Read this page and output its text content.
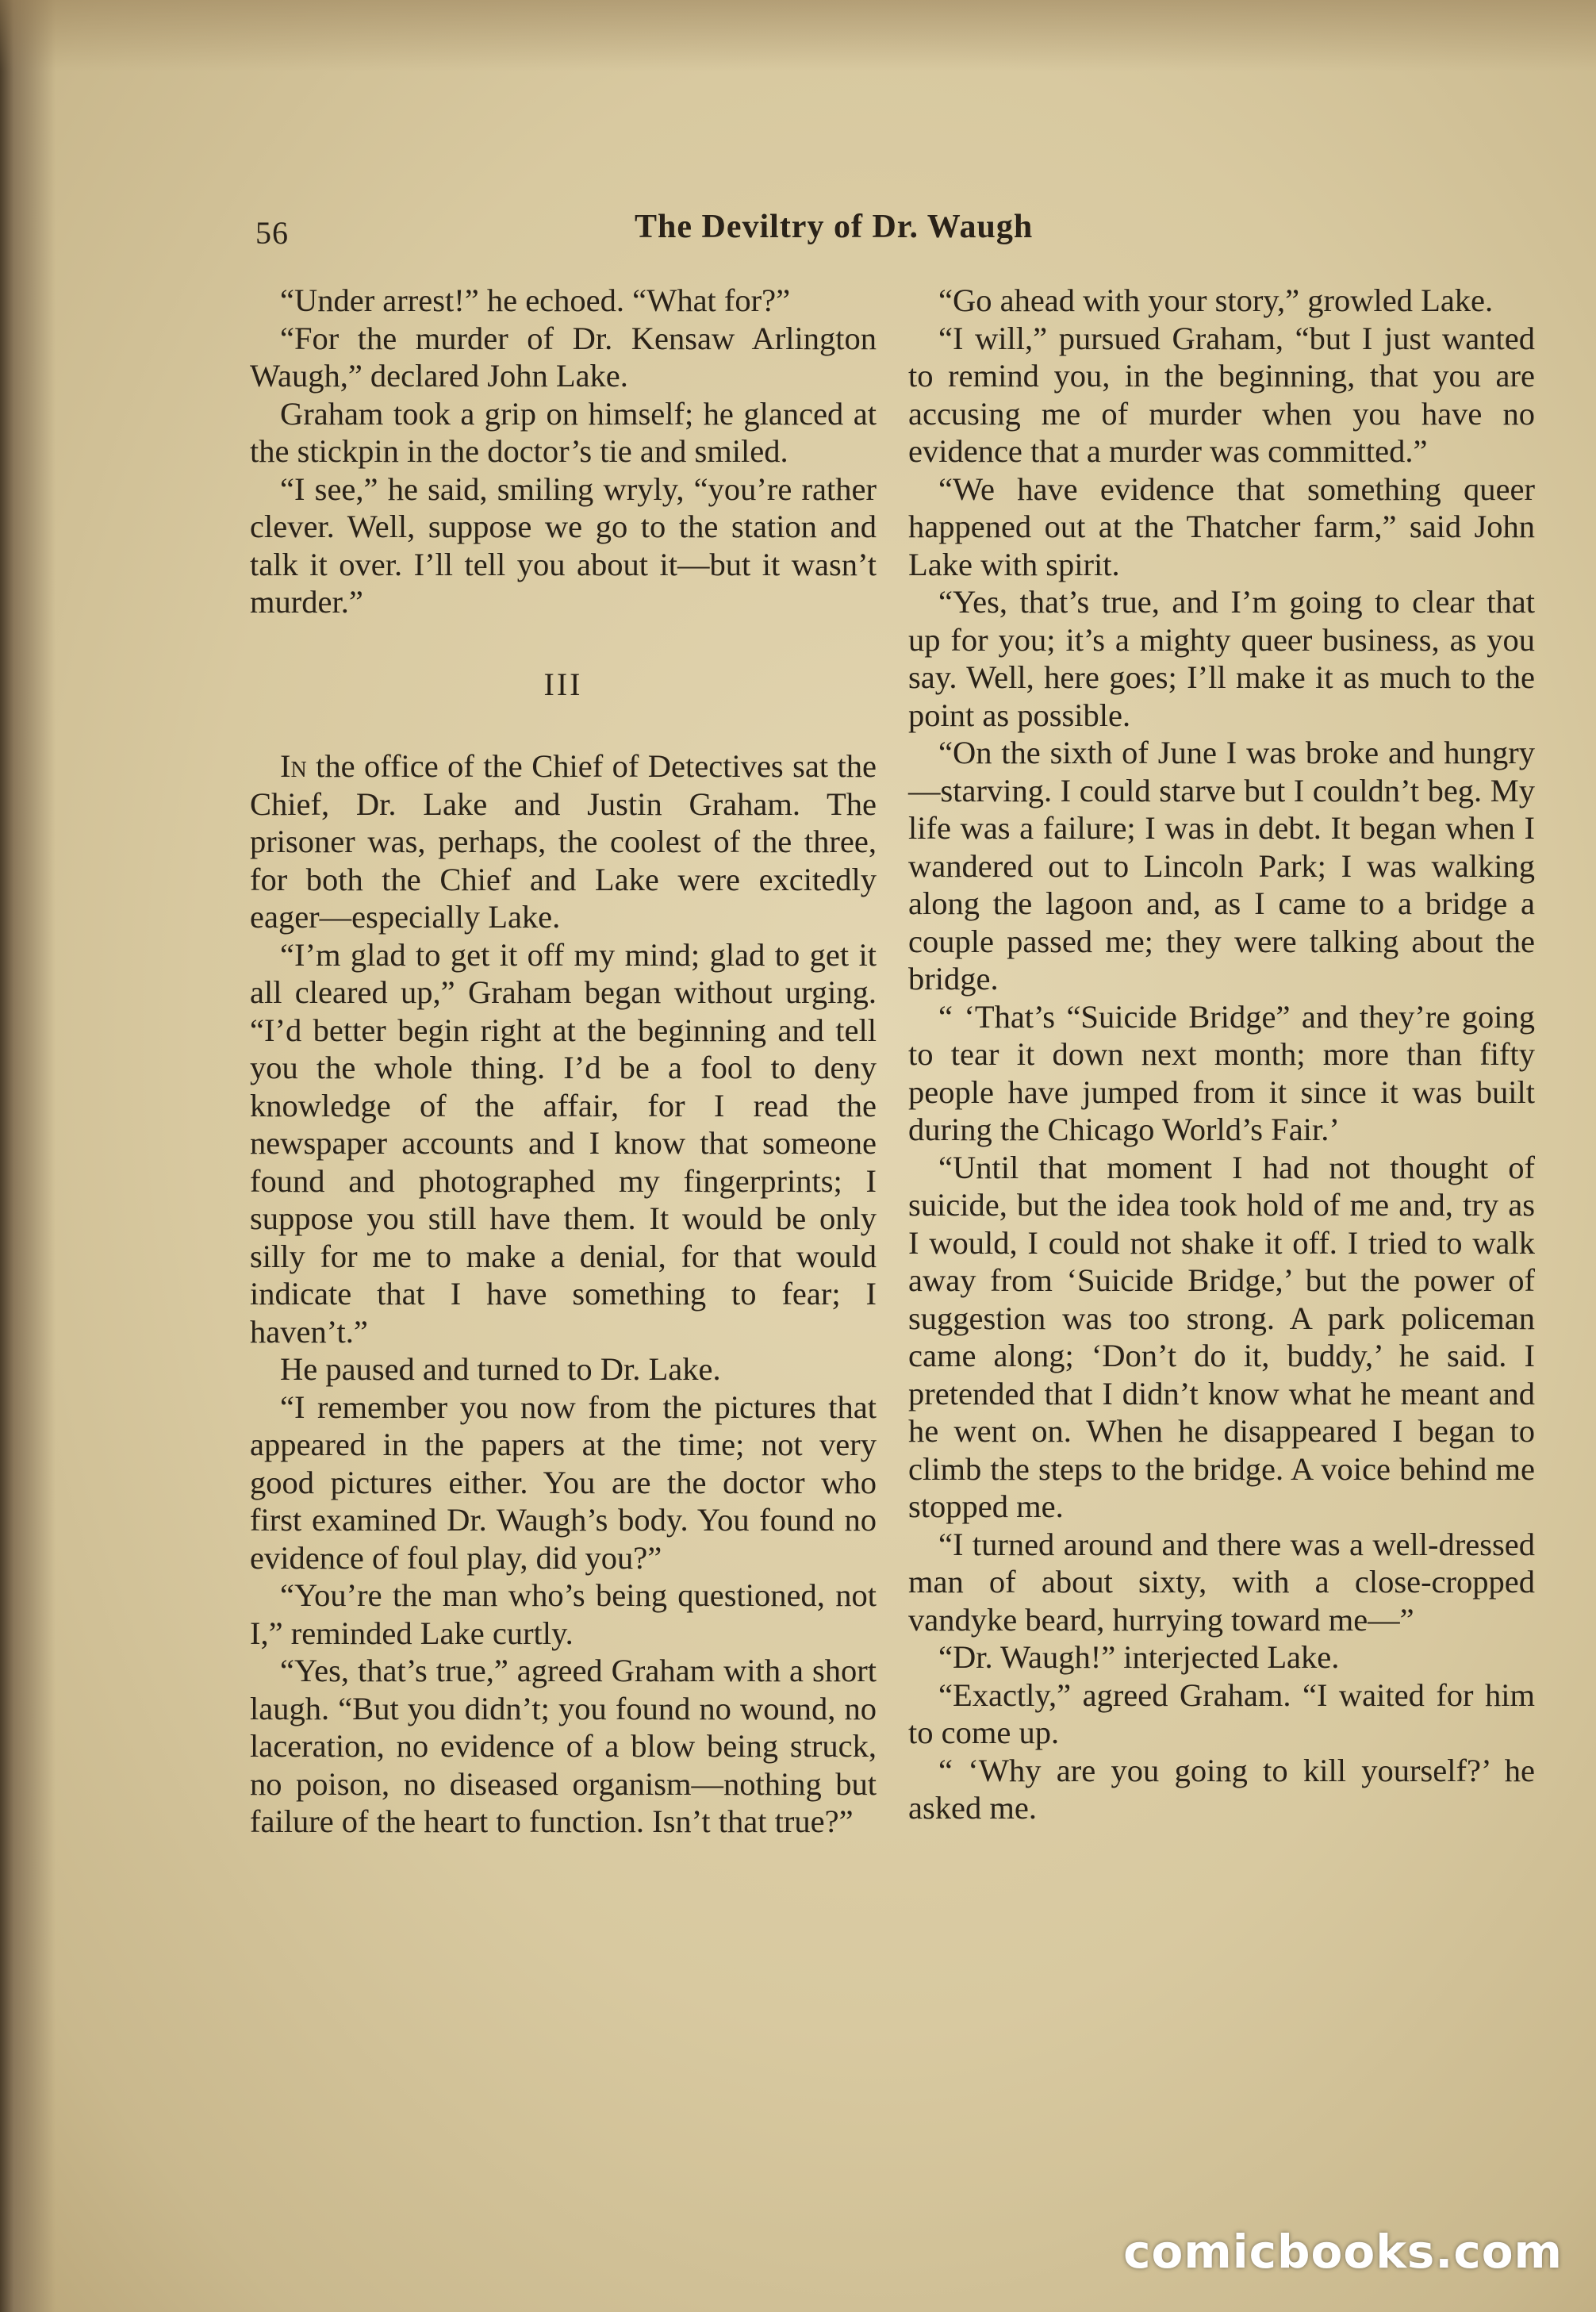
56	The Deviltry of Dr. Waugh

“Under arrest!” he echoed. “What for?”

“For the murder of Dr. Kensaw Arlington Waugh,” declared John Lake.

Graham took a grip on himself; he glanced at the stickpin in the doctor’s tie and smiled.

“I see,” he said, smiling wryly, “you’re rather clever. Well, suppose we go to the station and talk it over. I’ll tell you about it—but it wasn’t murder.”

III

In the office of the Chief of Detectives sat the Chief, Dr. Lake and Justin Graham. The prisoner was, perhaps, the coolest of the three, for both the Chief and Lake were excitedly eager—especially Lake.

“I’m glad to get it off my mind; glad to get it all cleared up,” Graham began without urging. “I’d better begin right at the beginning and tell you the whole thing. I’d be a fool to deny knowledge of the affair, for I read the newspaper accounts and I know that someone found and photographed my fingerprints; I suppose you still have them. It would be only silly for me to make a denial, for that would indicate that I have something to fear; I haven’t.”

He paused and turned to Dr. Lake.

“I remember you now from the pictures that appeared in the papers at the time; not very good pictures either. You are the doctor who first examined Dr. Waugh’s body. You found no evidence of foul play, did you?”

“You’re the man who’s being questioned, not I,” reminded Lake curtly.

“Yes, that’s true,” agreed Graham with a short laugh. “But you didn’t; you found no wound, no laceration, no evidence of a blow being struck, no poison, no diseased organism—nothing but failure of the heart to function. Isn’t that true?”

“Go ahead with your story,” growled Lake.

“I will,” pursued Graham, “but I just wanted to remind you, in the beginning, that you are accusing me of murder when you have no evidence that a murder was committed.”

“We have evidence that something queer happened out at the Thatcher farm,” said John Lake with spirit.

“Yes, that’s true, and I’m going to clear that up for you; it’s a mighty queer business, as you say. Well, here goes; I’ll make it as much to the point as possible.

“On the sixth of June I was broke and hungry—starving. I could starve but I couldn’t beg. My life was a failure; I was in debt. It began when I wandered out to Lincoln Park; I was walking along the lagoon and, as I came to a bridge a couple passed me; they were talking about the bridge.

“ ‘That’s “Suicide Bridge” and they’re going to tear it down next month; more than fifty people have jumped from it since it was built during the Chicago World’s Fair.’

“Until that moment I had not thought of suicide, but the idea took hold of me and, try as I would, I could not shake it off. I tried to walk away from ‘Suicide Bridge,’ but the power of suggestion was too strong. A park policeman came along; ‘Don’t do it, buddy,’ he said. I pretended that I didn’t know what he meant and he went on. When he disappeared I began to climb the steps to the bridge. A voice behind me stopped me.

“I turned around and there was a well-dressed man of about sixty, with a close-cropped vandyke beard, hurrying toward me—”

“Dr. Waugh!” interjected Lake.

“Exactly,” agreed Graham. “I waited for him to come up.

“ ‘Why are you going to kill yourself?’ he asked me.

comicbooks.com
